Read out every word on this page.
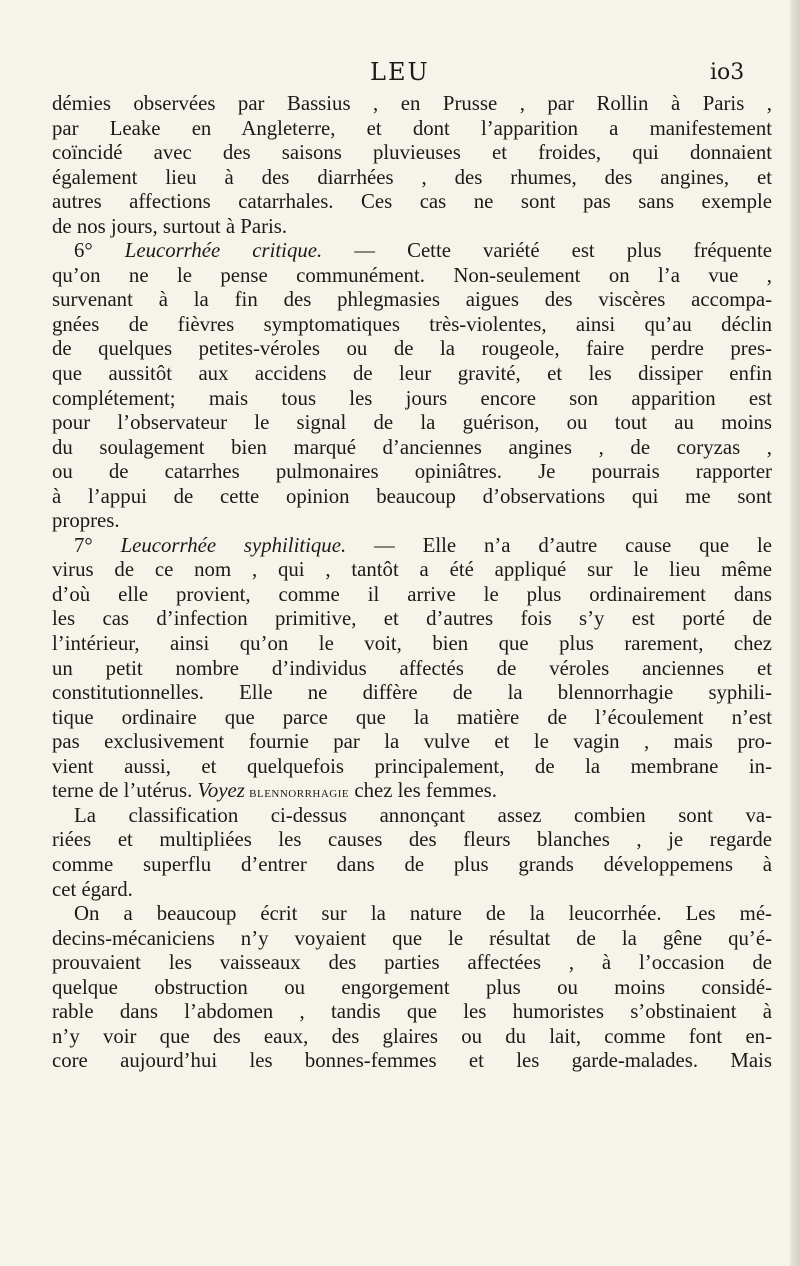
LEU	io3
démies observées par Bassius , en Prusse , par Rollin à Paris ,
par Leake en Angleterre, et dont l’apparition a manifestement
coïncidé avec des saisons pluvieuses et froides, qui donnaient
également lieu à des diarrhées , des rhumes, des angines, et
autres affections catarrhales. Ces cas ne sont pas sans exemple
de nos jours, surtout à Paris.
6° Leucorrhée critique. — Cette variété est plus fréquente
qu’on ne le pense communément. Non-seulement on l’a vue ,
survenant à la fin des phlegmasies aigues des viscères accompa-
gnées de fièvres symptomatiques très-violentes, ainsi qu’au déclin
de quelques petites-véroles ou de la rougeole, faire perdre pres-
que aussitôt aux accidens de leur gravité, et les dissiper enfin
complétement; mais tous les jours encore son apparition est
pour l’observateur le signal de la guérison, ou tout au moins
du soulagement bien marqué d’anciennes angines , de coryzas ,
ou de catarrhes pulmonaires opiniâtres. Je pourrais rapporter
à l’appui de cette opinion beaucoup d’observations qui me sont
propres.
7° Leucorrhée syphilitique. — Elle n’a d’autre cause que le
virus de ce nom , qui , tantôt a été appliqué sur le lieu même
d’où elle provient, comme il arrive le plus ordinairement dans
les cas d’infection primitive, et d’autres fois s’y est porté de
l’intérieur, ainsi qu’on le voit, bien que plus rarement, chez
un petit nombre d’individus affectés de véroles anciennes et
constitutionnelles. Elle ne diffère de la blennorrhagie syphili-
tique ordinaire que parce que la matière de l’écoulement n’est
pas exclusivement fournie par la vulve et le vagin , mais pro-
vient aussi, et quelquefois principalement, de la membrane in-
terne de l’utérus. Voyez blennorrhagie chez les femmes.
La classification ci-dessus annonçant assez combien sont va-
riées et multipliées les causes des fleurs blanches , je regarde
comme superflu d’entrer dans de plus grands développemens à
cet égard.
On a beaucoup écrit sur la nature de la leucorrhée. Les mé-
decins-mécaniciens n’y voyaient que le résultat de la gêne qu’é-
prouvaient les vaisseaux des parties affectées , à l’occasion de
quelque obstruction ou engorgement plus ou moins considé-
rable dans l’abdomen , tandis que les humoristes s’obstinaient à
n’y voir que des eaux, des glaires ou du lait, comme font en-
core aujourd’hui les bonnes-femmes et les garde-malades. Mais
